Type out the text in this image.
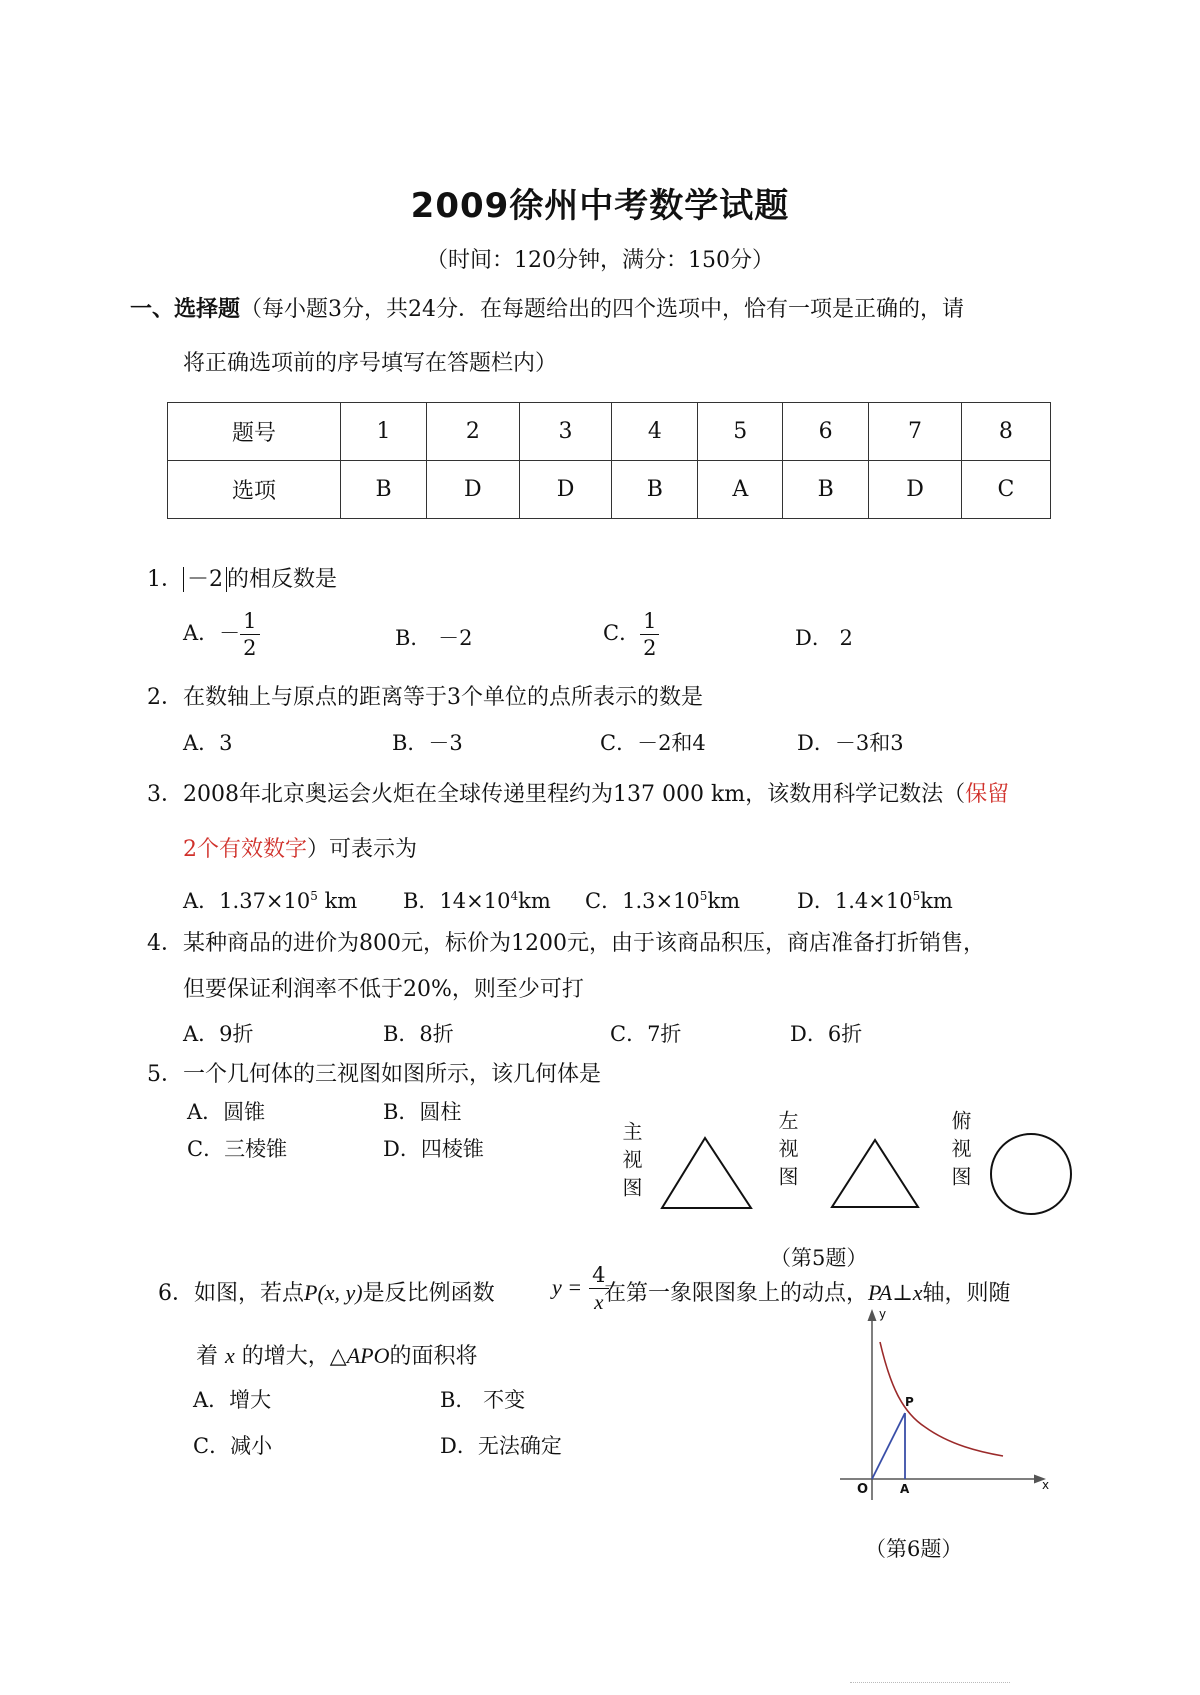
2009徐州中考数学试题
（时间：120分钟，满分：150分）
一、选择题（每小题3分，共24分．在每题给出的四个选项中，恰有一项是正确的，请
将正确选项前的序号填写在答题栏内）
题号	1	2	3	4	5	6	7	8
选项	B	D	D	B	A	B	D	C
1． －2 的相反数是
A．－ $\frac{1}{2}$	B． －2	C． $\frac{1}{2}$	D． 2
2．在数轴上与原点的距离等于3个单位的点所表示的数是
A．3	B．－3	C．－2和4	D．－3和3
3．2008年北京奥运会火炬在全球传递里程约为137 000 km，该数用科学记数法（保留
2个有效数字）可表示为
A．$1.37\times 10^5$ km B．$14\times 10^4km$ C．$1.3\times 10^5km$	D．$1.4\times 10^5km$
4．某种商品的进价为800元，标价为1200元，由于该商品积压，商店准备打折销售，
但要保证利润率不低于20%，则至少可打
A．9折	B．8折	C．7折	D．6折
5．一个几何体的三视图如图所示，该几何体是
A．圆锥	B．圆柱
C．三棱锥	D．四棱锥	主视图	左视图	俯视图
（第5题）
6．如图，若点P(x, y)是反比例函数	$y = \frac{4}{x}$
在第一象限图象上的动点，PA⊥x轴，则随
着 x 的增大，△APO的面积将
A．增大	B． 不变
C．减小	D．无法确定
y
x
O
P
A
（第6题）
